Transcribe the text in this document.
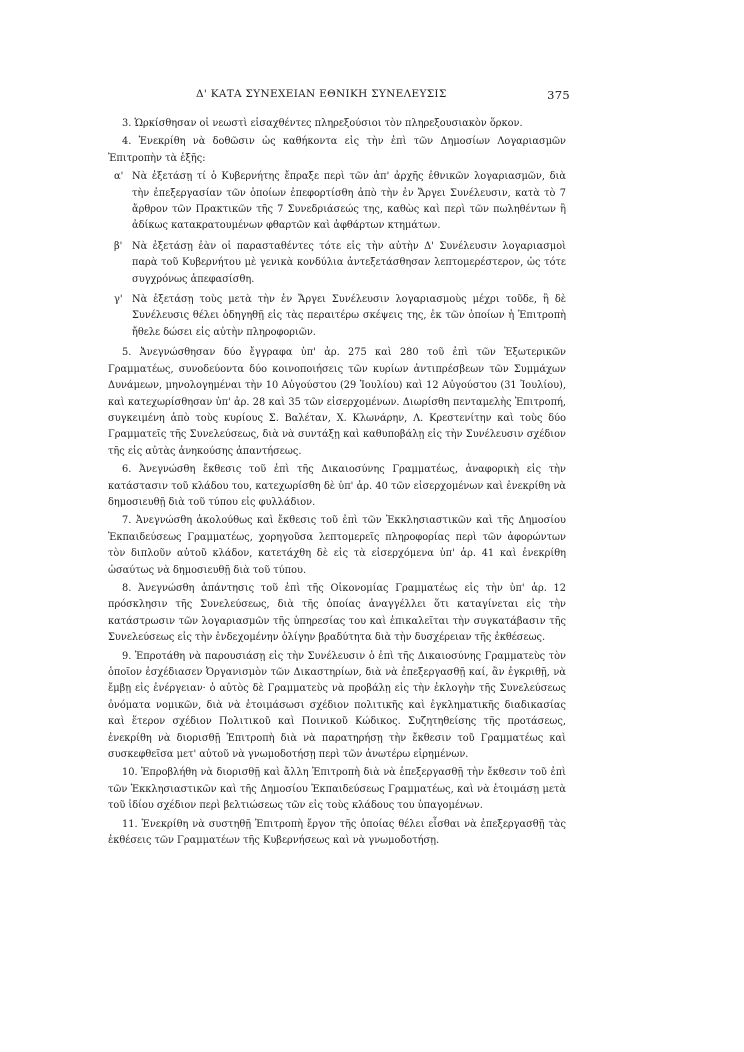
Δ' ΚΑΤΑ ΣΥΝΕΧΕΙΑΝ ΕΘΝΙΚΗ ΣΥΝΕΛΕΥΣΙΣ	375

3. Ὡρκίσθησαν οἱ νεωστὶ εἰσαχθέντες πληρεξούσιοι τὸν πληρεξουσιακὸν ὅρκον.

4. Ἐνεκρίθη νὰ δοθῶσιν ὡς καθήκοντα εἰς τὴν ἐπὶ τῶν Δημοσίων Λογαριασμῶν Ἐπιτροπὴν τὰ ἑξῆς:

α' Νὰ ἐξετάσῃ τί ὁ Κυβερνήτης ἔπραξε περὶ τῶν ἀπ' ἀρχῆς ἐθνικῶν λογαριασμῶν, διὰ τὴν ἐπεξεργασίαν τῶν ὁποίων ἐπεφορτίσθη ἀπὸ τὴν ἐν Ἄργει Συνέλευσιν, κατὰ τὸ 7 ἄρθρον τῶν Πρακτικῶν τῆς 7 Συνεδριάσεώς της, καθὼς καὶ περὶ τῶν πωληθέντων ἢ ἀδίκως κατακρατουμένων φθαρτῶν καὶ ἀφθάρτων κτημάτων.
β' Νὰ ἐξετάσῃ ἐὰν οἱ παρασταθέντες τότε εἰς τὴν αὐτὴν Δ' Συνέλευσιν λογαριασμοὶ παρὰ τοῦ Κυβερνήτου μὲ γενικὰ κονδύλια ἀντεξετάσθησαν λεπτομερέστερον, ὡς τότε συγχρόνως ἀπεφασίσθη.
γ' Νὰ ἐξετάσῃ τοὺς μετὰ τὴν ἐν Ἄργει Συνέλευσιν λογαριασμοὺς μέχρι τοῦδε, ἢ δὲ Συνέλευσις θέλει ὁδηγηθῇ εἰς τὰς περαιτέρω σκέψεις της, ἐκ τῶν ὁποίων ἡ Ἐπιτροπὴ ἤθελε δώσει εἰς αὐτὴν πληροφοριῶν.

5. Ἀνεγνώσθησαν δύο ἔγγραφα ὑπ' ἀρ. 275 καὶ 280 τοῦ ἐπὶ τῶν Ἐξωτερικῶν Γραμματέως, συνοδεύοντα δύο κοινοποιήσεις τῶν κυρίων ἀντιπρέσβεων τῶν Συμμάχων Δυνάμεων, μηνολογημέναι τὴν 10 Αὐγούστου (29 Ἰουλίου) καὶ 12 Αὐγούστου (31 Ἰουλίου), καὶ κατεχωρίσθησαν ὑπ' ἀρ. 28 καὶ 35 τῶν εἰσερχομένων. Διωρίσθη πενταμελὴς Ἐπιτροπή, συγκειμένη ἀπὸ τοὺς κυρίους Σ. Βαλέταν, Χ. Κλωνάρην, Λ. Κρεστενίτην καὶ τοὺς δύο Γραμματεῖς τῆς Συνελεύσεως, διὰ νὰ συντάξῃ καὶ καθυποβάλῃ εἰς τὴν Συνέλευσιν σχέδιον τῆς εἰς αὐτὰς ἀνηκούσης ἀπαντήσεως.

6. Ἀνεγνώσθη ἔκθεσις τοῦ ἐπὶ τῆς Δικαιοσύνης Γραμματέως, ἀναφορικὴ εἰς τὴν κατάστασιν τοῦ κλάδου του, κατεχωρίσθη δὲ ὑπ' ἀρ. 40 τῶν εἰσερχομένων καὶ ἐνεκρίθη νὰ δημοσιευθῇ διὰ τοῦ τύπου εἰς φυλλάδιον.

7. Ἀνεγνώσθη ἀκολούθως καὶ ἔκθεσις τοῦ ἐπὶ τῶν Ἐκκλησιαστικῶν καὶ τῆς Δημοσίου Ἐκπαιδεύσεως Γραμματέως, χορηγοῦσα λεπτομερεῖς πληροφορίας περὶ τῶν ἀφορώντων τὸν διπλοῦν αὐτοῦ κλάδον, κατετάχθη δὲ εἰς τὰ εἰσερχόμενα ὑπ' ἀρ. 41 καὶ ἐνεκρίθη ὡσαύτως νὰ δημοσιευθῇ διὰ τοῦ τύπου.

8. Ἀνεγνώσθη ἀπάντησις τοῦ ἐπὶ τῆς Οἰκονομίας Γραμματέως εἰς τὴν ὑπ' ἀρ. 12 πρόσκλησιν τῆς Συνελεύσεως, διὰ τῆς ὁποίας ἀναγγέλλει ὅτι καταγίνεται εἰς τὴν κατάστρωσιν τῶν λογαριασμῶν τῆς ὑπηρεσίας του καὶ ἐπικαλεῖται τὴν συγκατάβασιν τῆς Συνελεύσεως εἰς τὴν ἐνδεχομένην ὀλίγην βραδύτητα διὰ τὴν δυσχέρειαν τῆς ἐκθέσεως.

9. Ἐπροτάθη νὰ παρουσιάσῃ εἰς τὴν Συνέλευσιν ὁ ἐπὶ τῆς Δικαιοσύνης Γραμματεὺς τὸν ὁποῖον ἐσχέδιασεν Ὀργανισμὸν τῶν Δικαστηρίων, διὰ νὰ ἐπεξεργασθῇ καί, ἂν ἐγκριθῇ, νὰ ἔμβῃ εἰς ἐνέργειαν· ὁ αὐτὸς δὲ Γραμματεὺς νὰ προβάλῃ εἰς τὴν ἐκλογὴν τῆς Συνελεύσεως ὀνόματα νομικῶν, διὰ νὰ ἑτοιμάσωσι σχέδιον πολιτικῆς καὶ ἐγκληματικῆς διαδικασίας καὶ ἕτερον σχέδιον Πολιτικοῦ καὶ Ποινικοῦ Κώδικος. Συζητηθείσης τῆς προτάσεως, ἐνεκρίθη νὰ διορισθῇ Ἐπιτροπὴ διὰ νὰ παρατηρήσῃ τὴν ἔκθεσιν τοῦ Γραμματέως καὶ συσκεφθεῖσα μετ' αὐτοῦ νὰ γνωμοδοτήσῃ περὶ τῶν ἀνωτέρω εἰρημένων.

10. Ἐπροβλήθη νὰ διορισθῇ καὶ ἄλλη Ἐπιτροπὴ διὰ νὰ ἐπεξεργασθῇ τὴν ἔκθεσιν τοῦ ἐπὶ τῶν Ἐκκλησιαστικῶν καὶ τῆς Δημοσίου Ἐκπαιδεύσεως Γραμματέως, καὶ νὰ ἑτοιμάσῃ μετὰ τοῦ ἰδίου σχέδιον περὶ βελτιώσεως τῶν εἰς τοὺς κλάδους του ὑπαγομένων.

11. Ἐνεκρίθη νὰ συστηθῇ Ἐπιτροπὴ ἔργον τῆς ὁποίας θέλει εἶσθαι νὰ ἐπεξεργασθῇ τὰς ἐκθέσεις τῶν Γραμματέων τῆς Κυβερνήσεως καὶ νὰ γνωμοδοτήσῃ.
